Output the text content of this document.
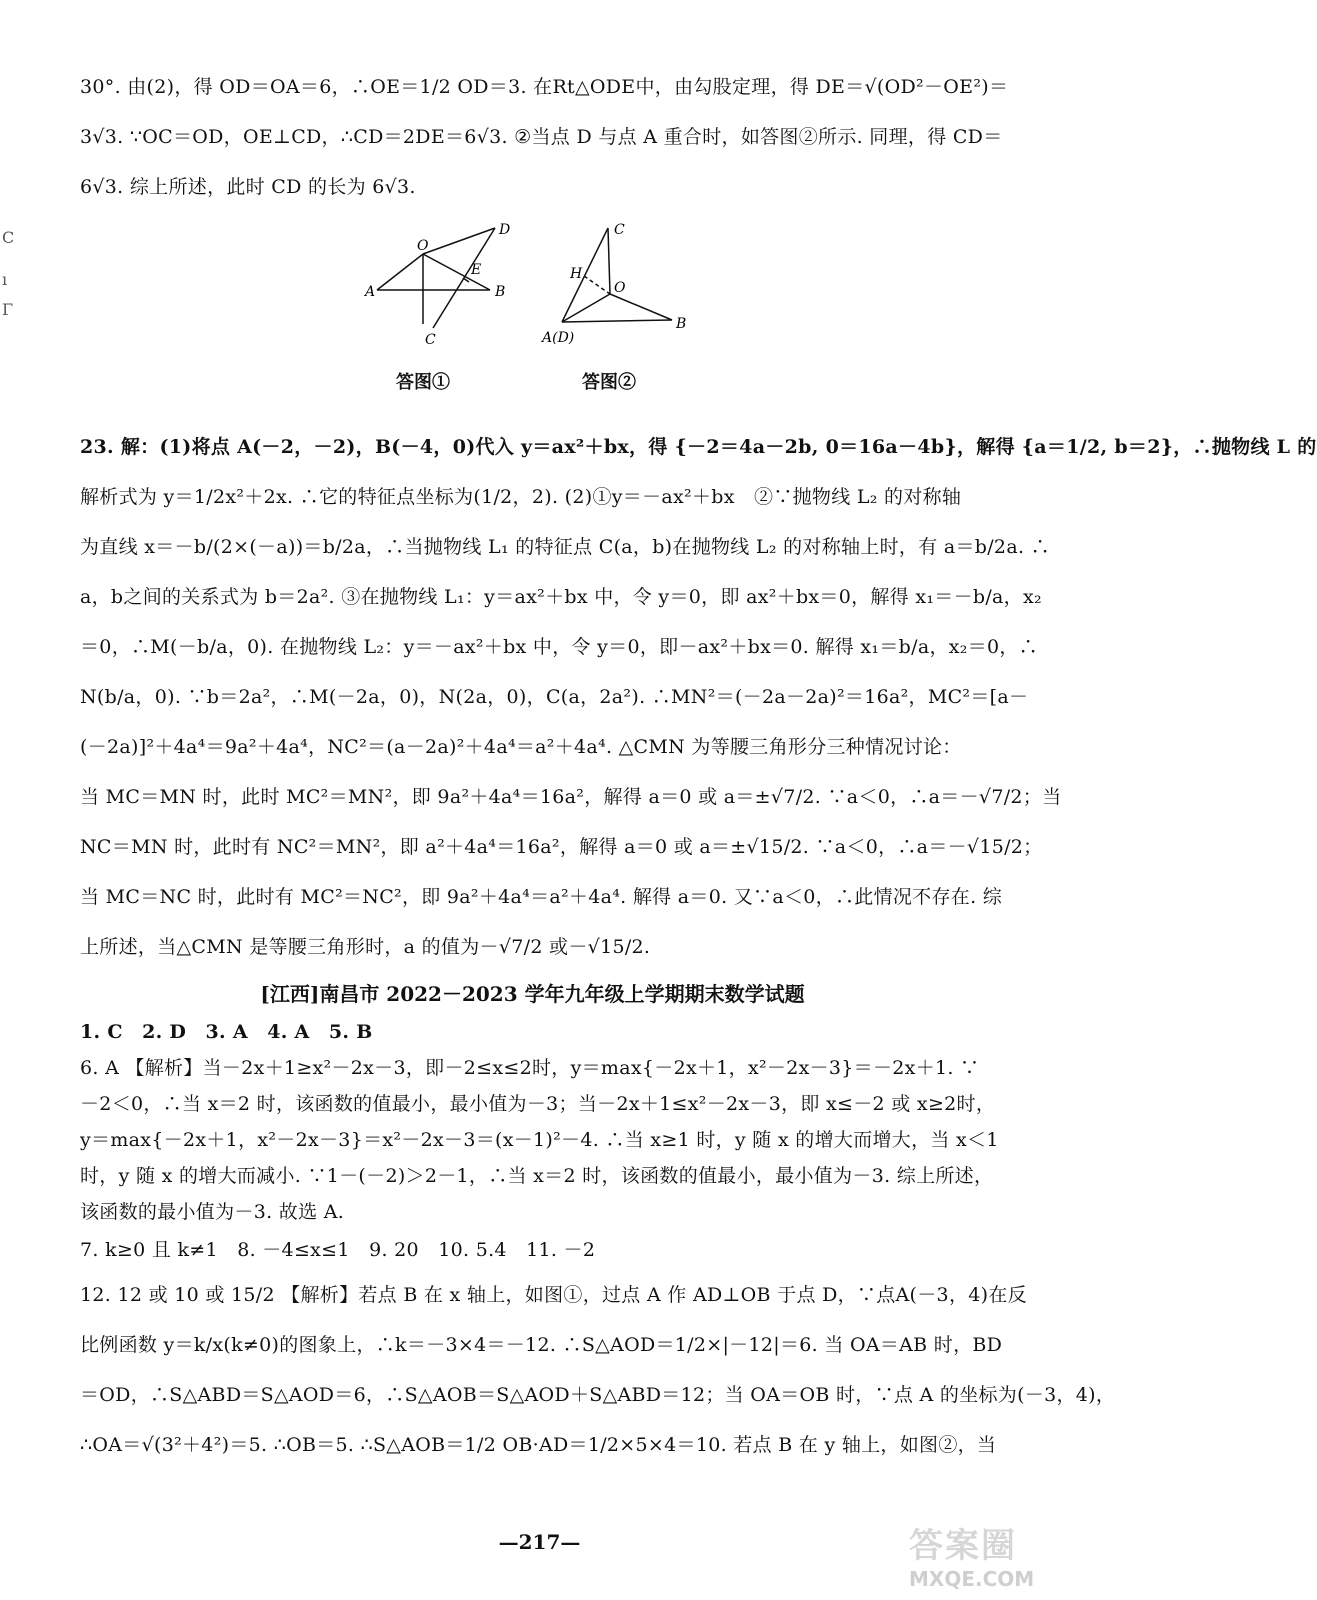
C
ı
Γ
30°. 由(2)，得 OD＝OA＝6，∴OE＝1/2 OD＝3. 在Rt△ODE中，由勾股定理，得 DE＝√(OD²－OE²)＝
3√3. ∵OC＝OD，OE⊥CD，∴CD＝2DE＝6√3. ②当点 D 与点 A 重合时，如答图②所示. 同理，得 CD＝
6√3. 综上所述，此时 CD 的长为 6√3.
O
D
E
A	B
C
答图①
C
H
O
A(D)
B
答图②
23. 解：(1)将点 A(－2，－2)，B(－4，0)代入 y＝ax²＋bx，得 {－2＝4a－2b, 0＝16a－4b}，解得 {a＝1/2, b＝2}，∴抛物线 L 的
解析式为 y＝1/2x²＋2x. ∴它的特征点坐标为(1/2，2). (2)①y＝－ax²＋bx　②∵抛物线 L₂ 的对称轴
为直线 x＝－b/(2×(－a))＝b/2a，∴当抛物线 L₁ 的特征点 C(a，b)在抛物线 L₂ 的对称轴上时，有 a＝b/2a. ∴
a，b之间的关系式为 b＝2a². ③在抛物线 L₁：y＝ax²＋bx 中，令 y＝0，即 ax²＋bx＝0，解得 x₁＝－b/a，x₂
＝0，∴M(－b/a，0). 在抛物线 L₂：y＝－ax²＋bx 中，令 y＝0，即－ax²＋bx＝0. 解得 x₁＝b/a，x₂＝0，∴
N(b/a，0). ∵b＝2a²，∴M(－2a，0)，N(2a，0)，C(a，2a²). ∴MN²＝(－2a－2a)²＝16a²，MC²＝[a－
(－2a)]²＋4a⁴＝9a²＋4a⁴，NC²＝(a－2a)²＋4a⁴＝a²＋4a⁴. △CMN 为等腰三角形分三种情况讨论：
当 MC＝MN 时，此时 MC²＝MN²，即 9a²＋4a⁴＝16a²，解得 a＝0 或 a＝±√7/2. ∵a＜0，∴a＝－√7/2；当
NC＝MN 时，此时有 NC²＝MN²，即 a²＋4a⁴＝16a²，解得 a＝0 或 a＝±√15/2. ∵a＜0，∴a＝－√15/2；
当 MC＝NC 时，此时有 MC²＝NC²，即 9a²＋4a⁴＝a²＋4a⁴. 解得 a＝0. 又∵a＜0，∴此情况不存在. 综
上所述，当△CMN 是等腰三角形时，a 的值为－√7/2 或－√15/2.
[江西]南昌市 2022－2023 学年九年级上学期期末数学试题
1. C　2. D　3. A　4. A　5. B
6. A 【解析】当－2x＋1≥x²－2x－3，即－2≤x≤2时，y＝max{－2x＋1，x²－2x－3}＝－2x＋1. ∵
－2＜0，∴当 x＝2 时，该函数的值最小，最小值为－3；当－2x＋1≤x²－2x－3，即 x≤－2 或 x≥2时，
y＝max{－2x＋1，x²－2x－3}＝x²－2x－3＝(x－1)²－4. ∴当 x≥1 时，y 随 x 的增大而增大，当 x＜1
时，y 随 x 的增大而减小. ∵1－(－2)＞2－1，∴当 x＝2 时，该函数的值最小，最小值为－3. 综上所述，
该函数的最小值为－3. 故选 A.
7. k≥0 且 k≠1　8. －4≤x≤1　9. 20　10. 5.4　11. －2
12. 12 或 10 或 15/2 【解析】若点 B 在 x 轴上，如图①，过点 A 作 AD⊥OB 于点 D，∵点A(－3，4)在反
比例函数 y＝k/x(k≠0)的图象上，∴k＝－3×4＝－12. ∴S△AOD＝1/2×|－12|＝6. 当 OA＝AB 时，BD
＝OD，∴S△ABD＝S△AOD＝6，∴S△AOB＝S△AOD＋S△ABD＝12；当 OA＝OB 时，∵点 A 的坐标为(－3，4)，
∴OA＝√(3²＋4²)＝5. ∴OB＝5. ∴S△AOB＝1/2 OB·AD＝1/2×5×4＝10. 若点 B 在 y 轴上，如图②，当
—217—	答案圈
MXQE.COM
